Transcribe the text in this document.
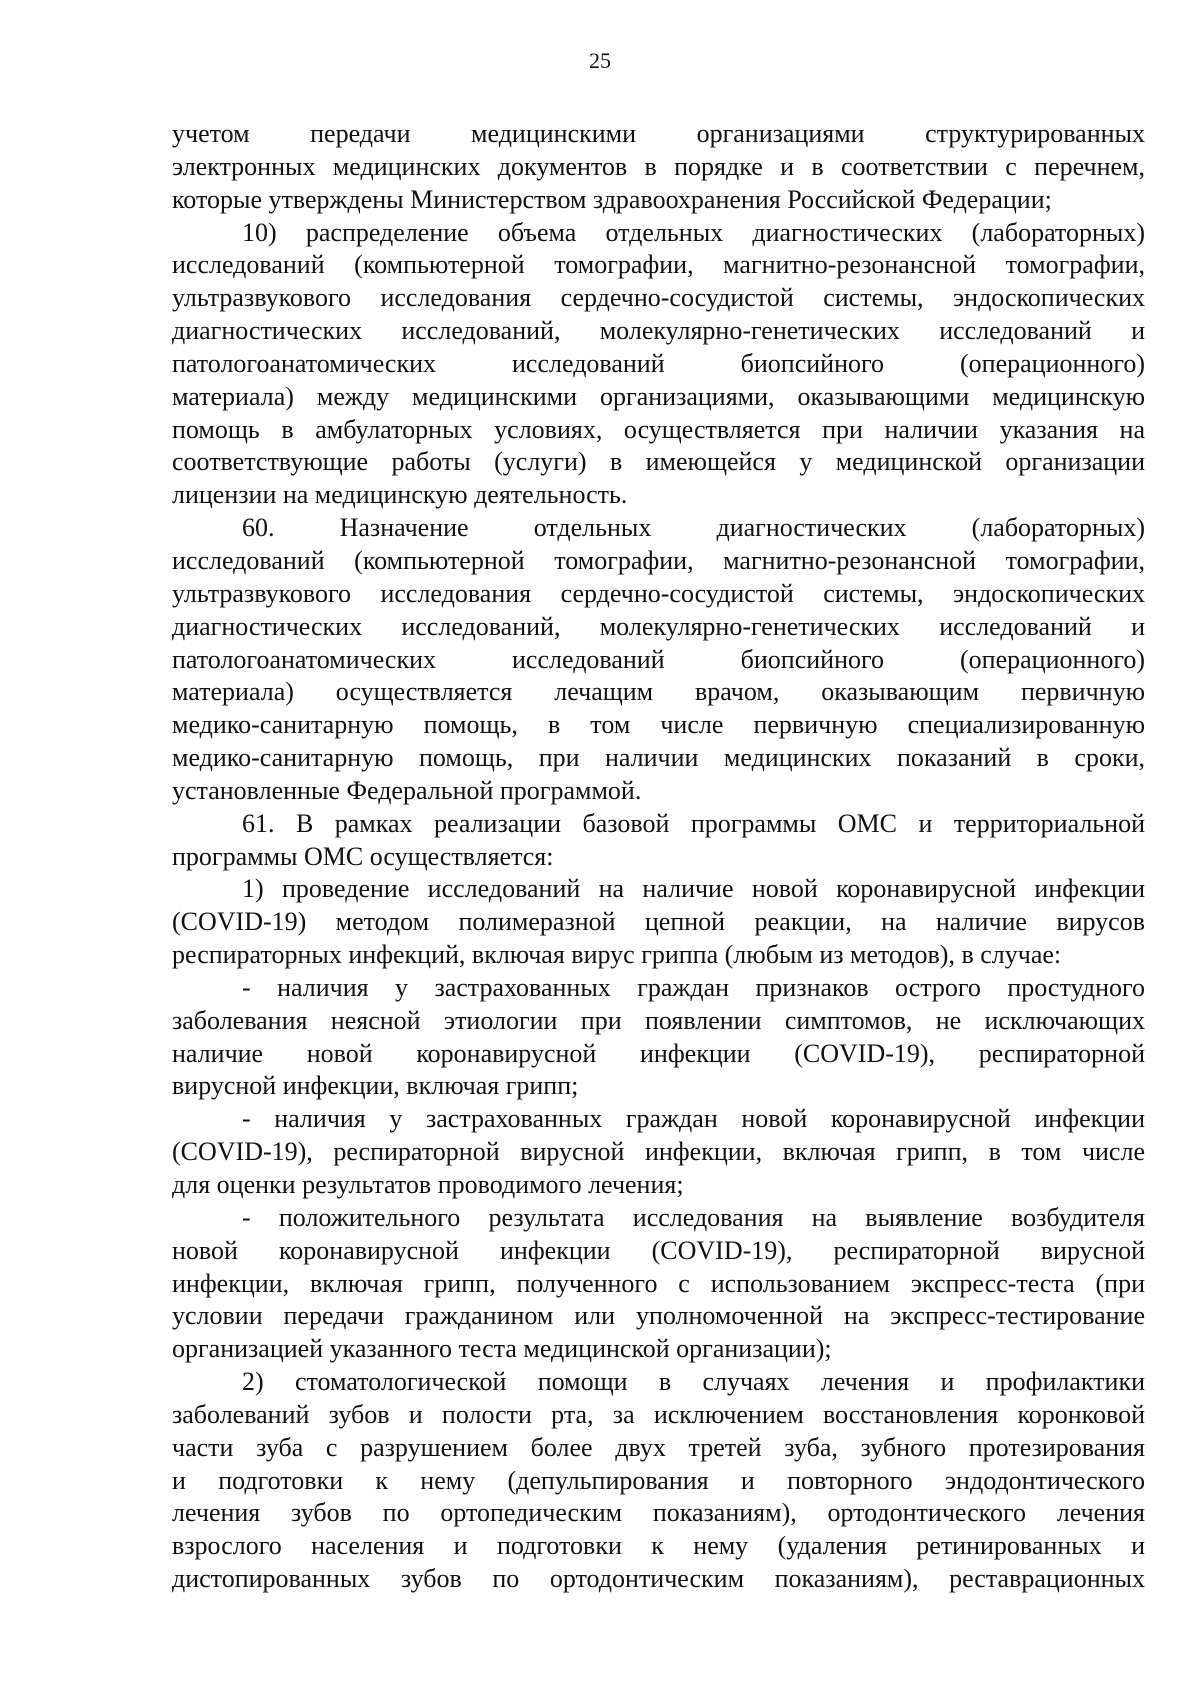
25
учетом передачи медицинскими организациями структурированных
электронных медицинских документов в порядке и в соответствии с перечнем,
которые утверждены Министерством здравоохранения Российской Федерации;
10) распределение объема отдельных диагностических (лабораторных)
исследований (компьютерной томографии, магнитно-резонансной томографии,
ультразвукового исследования сердечно-сосудистой системы, эндоскопических
диагностических исследований, молекулярно-генетических исследований и
патологоанатомических исследований биопсийного (операционного)
материала) между медицинскими организациями, оказывающими медицинскую
помощь в амбулаторных условиях, осуществляется при наличии указания на
соответствующие работы (услуги) в имеющейся у медицинской организации
лицензии на медицинскую деятельность.
60. Назначение отдельных диагностических (лабораторных)
исследований (компьютерной томографии, магнитно-резонансной томографии,
ультразвукового исследования сердечно-сосудистой системы, эндоскопических
диагностических исследований, молекулярно-генетических исследований и
патологоанатомических исследований биопсийного (операционного)
материала) осуществляется лечащим врачом, оказывающим первичную
медико-санитарную помощь, в том числе первичную специализированную
медико-санитарную помощь, при наличии медицинских показаний в сроки,
установленные Федеральной программой.
61. В рамках реализации базовой программы ОМС и территориальной
программы ОМС осуществляется:
1) проведение исследований на наличие новой коронавирусной инфекции
(COVID-19) методом полимеразной цепной реакции, на наличие вирусов
респираторных инфекций, включая вирус гриппа (любым из методов), в случае:
- наличия у застрахованных граждан признаков острого простудного
заболевания неясной этиологии при появлении симптомов, не исключающих
наличие новой коронавирусной инфекции (COVID-19), респираторной
вирусной инфекции, включая грипп;
- наличия у застрахованных граждан новой коронавирусной инфекции
(COVID-19), респираторной вирусной инфекции, включая грипп, в том числе
для оценки результатов проводимого лечения;
- положительного результата исследования на выявление возбудителя
новой коронавирусной инфекции (COVID-19), респираторной вирусной
инфекции, включая грипп, полученного с использованием экспресс-теста (при
условии передачи гражданином или уполномоченной на экспресс-тестирование
организацией указанного теста медицинской организации);
2) стоматологической помощи в случаях лечения и профилактики
заболеваний зубов и полости рта, за исключением восстановления коронковой
части зуба с разрушением более двух третей зуба, зубного протезирования
и подготовки к нему (депульпирования и повторного эндодонтического
лечения зубов по ортопедическим показаниям), ортодонтического лечения
взрослого населения и подготовки к нему (удаления ретинированных и
дистопированных зубов по ортодонтическим показаниям), реставрационных
